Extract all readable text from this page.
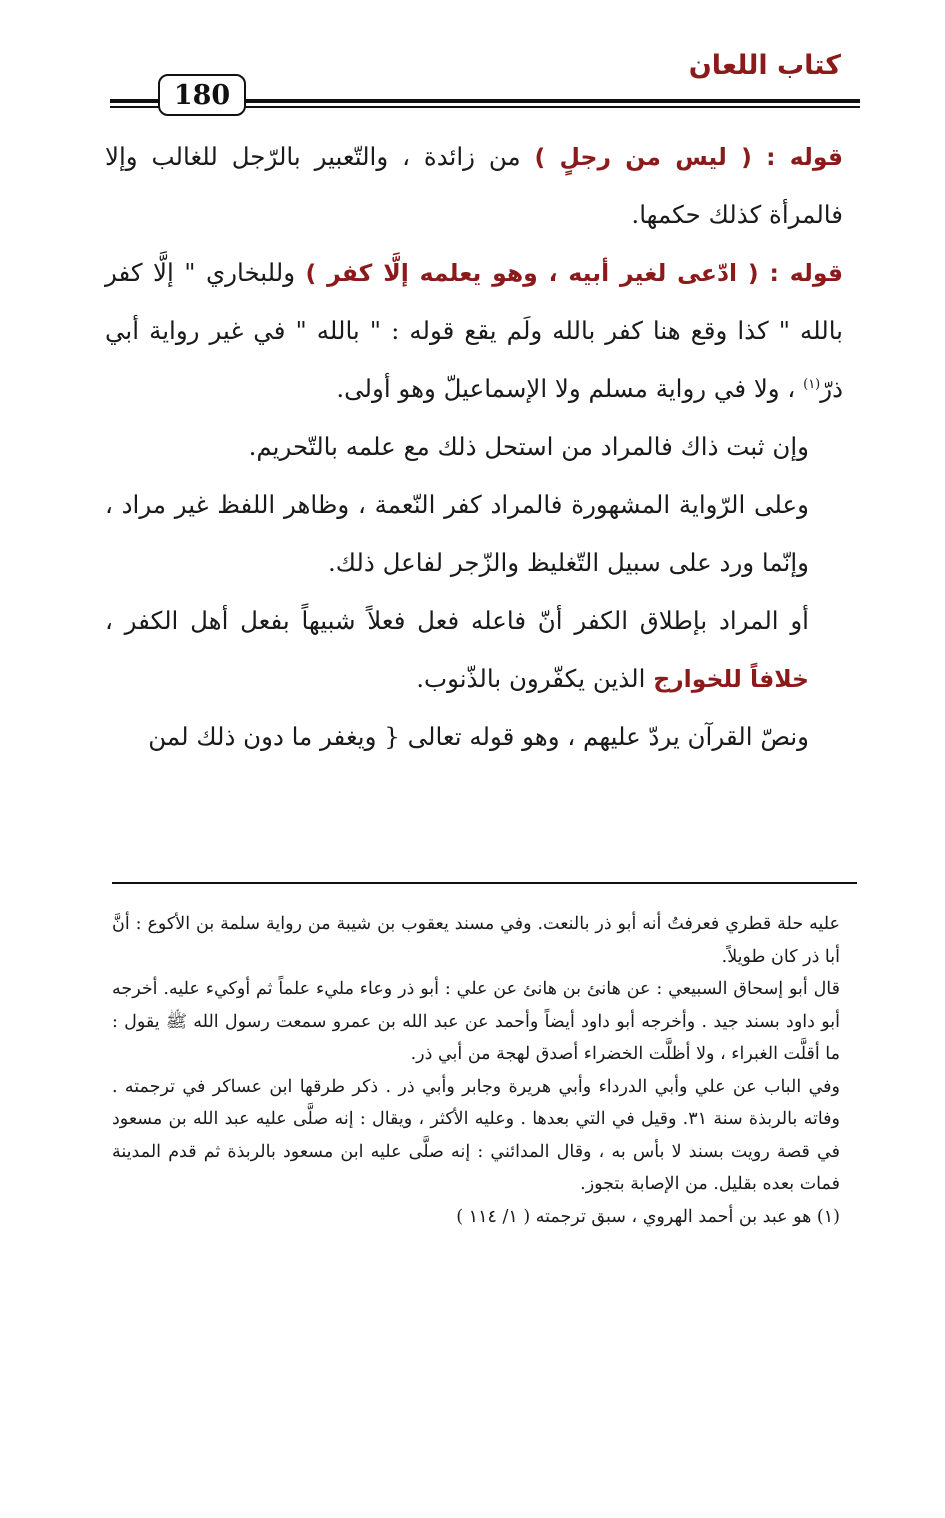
كتاب اللعان
180

قوله : ( ليس من رجلٍ ) من زائدة ، والتّعبير بالرّجل للغالب وإلا فالمرأة كذلك حكمها.

قوله : ( ادّعى لغير أبيه ، وهو يعلمه إلَّا كفر ) وللبخاري " إلَّا كفر بالله " كذا وقع هنا كفر بالله ولَم يقع قوله : " بالله " في غير رواية أبي ذرّ$^{(١)}$ ، ولا في رواية مسلم ولا الإسماعيلّ وهو أولى.

وإن ثبت ذاك فالمراد من استحل ذلك مع علمه بالتّحريم.

وعلى الرّواية المشهورة فالمراد كفر النّعمة ، وظاهر اللفظ غير مراد ، وإنّما ورد على سبيل التّغليظ والزّجر لفاعل ذلك.

أو المراد بإطلاق الكفر أنّ فاعله فعل فعلاً شبيهاً بفعل أهل الكفر ، خلافاً للخوارج الذين يكفّرون بالذّنوب.

ونصّ القرآن يردّ عليهم ، وهو قوله تعالى { ويغفر ما دون ذلك لمن

عليه حلة قطري فعرفتُ أنه أبو ذر بالنعت. وفي مسند يعقوب بن شيبة من رواية سلمة بن الأكوع : أنَّ أبا ذر كان طويلاً.

قال أبو إسحاق السبيعي : عن هانئ بن هانئ عن علي : أبو ذر وعاء مليء علماً ثم أوكيء عليه. أخرجه أبو داود بسند جيد . وأخرجه أبو داود أيضاً وأحمد عن عبد الله بن عمرو سمعت رسول الله ﷺ يقول : ما أقلَّت الغبراء ، ولا أظلَّت الخضراء أصدق لهجة من أبي ذر.

وفي الباب عن علي وأبي الدرداء وأبي هريرة وجابر وأبي ذر . ذكر طرقها ابن عساكر في ترجمته . وفاته بالربذة سنة ٣١. وقيل في التي بعدها . وعليه الأكثر ، ويقال : إنه صلَّى عليه عبد الله بن مسعود في قصة رويت بسند لا بأس به ، وقال المدائني : إنه صلَّى عليه ابن مسعود بالربذة ثم قدم المدينة فمات بعده بقليل. من الإصابة بتجوز.

(١) هو عبد بن أحمد الهروي ، سبق ترجمته ( ١/ ١١٤ )
